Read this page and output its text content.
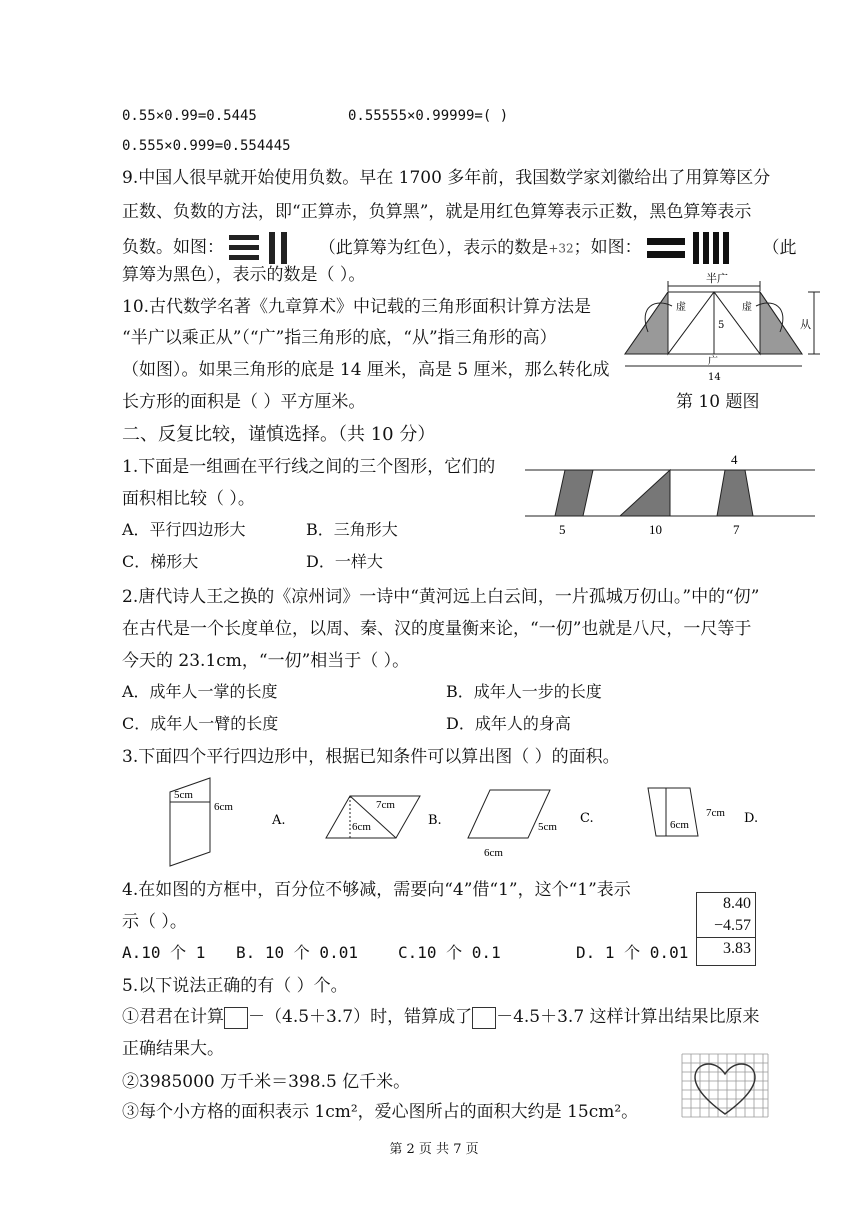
0.55×0.99=0.5445	0.55555×0.99999=( )
0.555×0.999=0.554445
9.中国人很早就开始使用负数。早在 1700 多年前，我国数学家刘徽给出了用算筹区分
正数、负数的方法，即“正算赤，负算黑”，就是用红色算筹表示正数，黑色算筹表示
负数。如图：	（此算筹为红色），表示的数是+32；如图：	（此
算筹为黑色），表示的数是（ ）。
10.古代数学名著《九章算术》中记载的三角形面积计算方法是
“半广以乘正从”（“广”指三角形的底，“从”指三角形的高）
（如图）。如果三角形的底是 14 厘米，高是 5 厘米，那么转化成
长方形的面积是（ ）平方厘米。
半广
5
虚	虚
从
广
14
第 10 题图
二、反复比较，谨慎选择。（共 10 分）
1.下面是一组画在平行线之间的三个图形，它们的
面积相比较（ ）。
A．平行四边形大	B．三角形大
C．梯形大	D．一样大
4
5	10	7
2.唐代诗人王之换的《凉州词》一诗中“黄河远上白云间，一片孤城万仞山。”中的“仞”
在古代是一个长度单位，以周、秦、汉的度量衡来论，“一仞”也就是八尺，一尺等于
今天的 23.1cm，“一仞”相当于（ ）。
A．成年人一掌的长度	B．成年人一步的长度
C．成年人一臂的长度	D．成年人的身高
3.下面四个平行四边形中，根据已知条件可以算出图（ ）的面积。
5cm
6cm
A.
7cm
6cm	B.	5cm
6cm
C.	7cm
6cm	D.
4.在如图的方框中，百分位不够减，需要向“4”借“1”，这个“1”表示
示（ ）。
A.10 个 1 B. 10 个 0.01	C.10 个 0.1	D. 1 个 0.01
8.40
−4.57
3.83
5.以下说法正确的有（ ）个。
①君君在计算 －（4.5＋3.7）时，错算成了 －4.5＋3.7 这样计算出结果比原来
正确结果大。
②3985000 万千米＝398.5 亿千米。
③每个小方格的面积表示 1cm²，爱心图所占的面积大约是 15cm²。
第 2 页 共 7 页
